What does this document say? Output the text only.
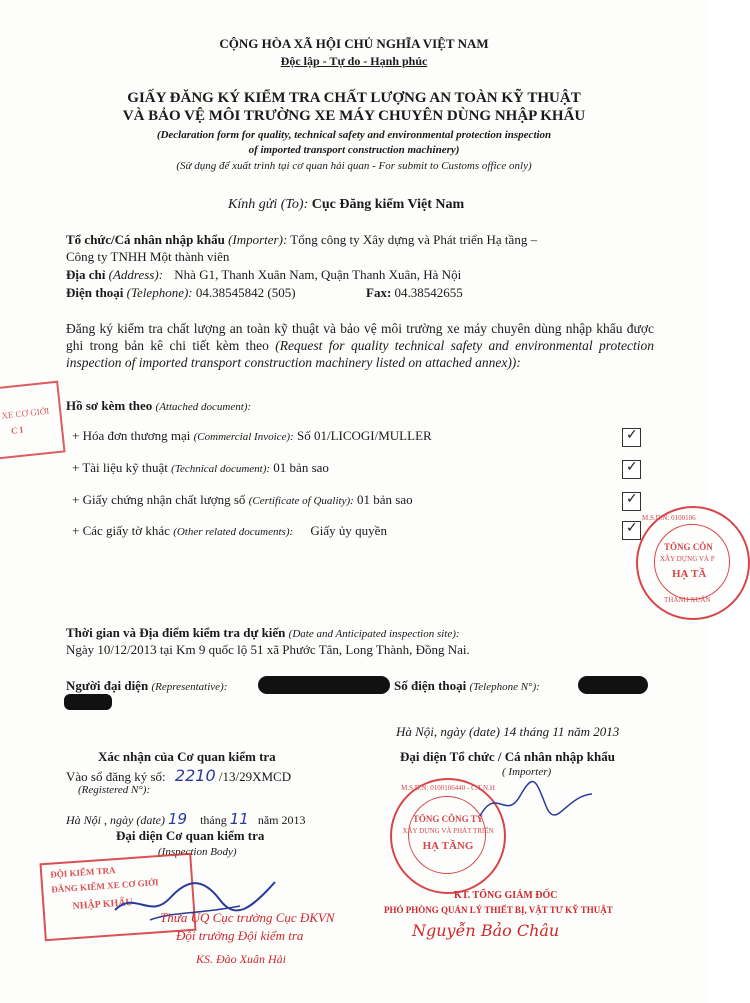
CỘNG HÒA XÃ HỘI CHỦ NGHĨA VIỆT NAM
Độc lập - Tự do - Hạnh phúc
GIẤY ĐĂNG KÝ KIỂM TRA CHẤT LƯỢNG AN TOÀN KỸ THUẬT
VÀ BẢO VỆ MÔI TRƯỜNG XE MÁY CHUYÊN DÙNG NHẬP KHẨU
(Declaration form for quality, technical safety and environmental protection inspection
of imported transport construction machinery)
(Sử dụng để xuất trình tại cơ quan hải quan - For submit to Customs office only)
Kính gửi (To): Cục Đăng kiểm Việt Nam
Tổ chức/Cá nhân nhập khẩu (Importer): Tổng công ty Xây dựng và Phát triển Hạ tầng –
Công ty TNHH Một thành viên
Địa chỉ (Address): Nhà G1, Thanh Xuân Nam, Quận Thanh Xuân, Hà Nội
Điện thoại (Telephone): 04.38545842 (505)	Fax: 04.38542655
Đăng ký kiểm tra chất lượng an toàn kỹ thuật và bảo vệ môi trường xe máy chuyên dùng nhập khẩu được ghi trong bản kê chi tiết kèm theo (Request for quality technical safety and environmental protection inspection of imported transport construction machinery listed on attached annex)):
Hồ sơ kèm theo (Attached document):
+ Hóa đơn thương mại (Commercial Invoice): Số 01/LICOGI/MULLER	✓
+ Tài liệu kỹ thuật (Technical document): 01 bản sao	✓
+ Giấy chứng nhận chất lượng số (Certificate of Quality): 01 bản sao	✓
+ Các giấy tờ khác (Other related documents): Giấy ủy quyền	✓
Thời gian và Địa điểm kiểm tra dự kiến (Date and Anticipated inspection site):
Ngày 10/12/2013 tại Km 9 quốc lộ 51 xã Phước Tân, Long Thành, Đồng Nai.
Người đại diện (Representative):	Số điện thoại (Telephone N°):
Hà Nội, ngày (date) 14 tháng 11 năm 2013
Đại diện Tổ chức / Cá nhân nhập khẩu
( Importer)
Xác nhận của Cơ quan kiểm tra
Vào sổ đăng ký số: 2210 /13/29XMCD
(Registered N°):
Hà Nội , ngày (date) 19 tháng 11 năm 2013
Đại diện Cơ quan kiểm tra
(Inspection Body)
ĐỘI KIỂM TRA
ĐĂNG KIỂM XE CƠ GIỚI
NHẬP KHẨU
Thừa UQ Cục trưởng Cục ĐKVN
Đội trưởng Đội kiểm tra
KS. Đào Xuân Hải
M.S.D.N: 0100106440 - C.T.N.H
TỔNG CÔNG TY
XÂY DỰNG VÀ PHÁT TRIỂN
HẠ TẦNG
KT. TỔNG GIÁM ĐỐC
PHÓ PHÒNG QUẢN LÝ THIẾT BỊ, VẬT TƯ KỸ THUẬT
Nguyễn Bảo Châu
M.S.D.N: 0100106
TỔNG CÔN
XÂY DỰNG VÀ P
HẠ TẦ
THANH XUÂN
XE CƠ GIỚI
C I
